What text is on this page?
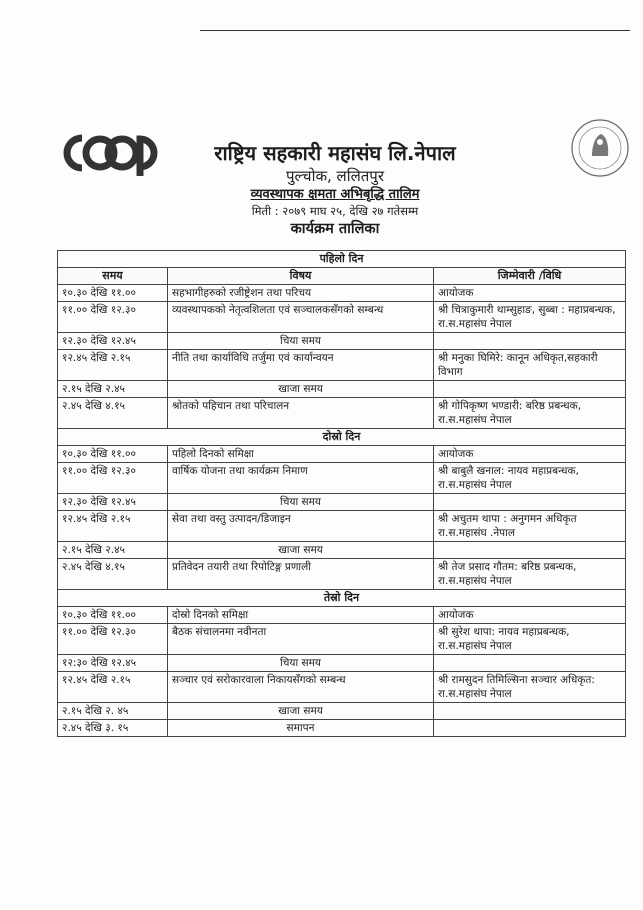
राष्ट्रिय सहकारी महासंघ लि.नेपाल

पुल्चोक, ललितपुर

व्यवस्थापक क्षमता अभिबृद्धि तालिम

मिती : २०७९ माघ २५, देखि २७ गतेसम्म

कार्यक्रम तालिका

पहिलो दिन		
समय	विषय	जिम्मेवारी /विधि
१०.३० देखि ११.००	सहभागीहरुको रजीष्ट्रेशन तथा परिचय	आयोजक
११.०० देखि १२.३०	व्यवस्थापककाे नेतृत्वशिलता एवं सञ्चालकसँगको सम्बन्ध	श्री चित्राकुमारी थाम्सुहाङ, सुब्बा : महाप्रबन्धक, रा.स.महासंघ नेपाल
१२.३० देखि १२.४५	चिया समय	
१२.४५ देखि २.१५	नीति तथा कार्याविधि तर्जुमा एवं कार्यान्वयन	श्री मनुका घिमिरे: कानून अधिकृत,सहकारी विभाग
२.१५ देखि २.४५	खाजा समय	
२.४५ देखि ४.१५	श्रोतको पहिचान तथा परिचालन	श्री गोपिकृष्ण भण्डारी: बरिष्ठ प्रबन्धक, रा.स.महासंघ नेपाल
दोस्रो दिन		
१०.३० देखि ११.००	पहिलो दिनको समिक्षा	आयोजक
११.०० देखि १२.३०	वार्षिक योजना तथा कार्यक्रम निमाण	श्री बाबुलै खनाल: नायव महाप्रबन्धक, रा.स.महासंघ नेपाल
१२.३० देखि १२.४५	चिया समय	
१२.४५ देखि २.१५	सेवा तथा वस्तु उत्पादन/डिजाइन	श्री अचुतम थापा : अनुगमन अधिकृत रा.स.महासंघ .नेपाल
२.१५ देखि २.४५	खाजा समय	
२.४५ देखि ४.१५	प्रतिवेदन तयारी तथा रिपोटिङ्ग प्रणाली	श्री तेज प्रसाद गौतम: बरिष्ठ प्रबन्धक, रा.स.महासंघ नेपाल
तेस्रो दिन		
१०.३० देखि ११.००	दोस्रो दिनको समिक्षा	आयोजक
११.०० देखि १२.३०	बैठक संचालनमा नवीनता	श्री सुरेश थापा: नायव महाप्रबन्धक, रा.स.महासंघ नेपाल
१२:३० देखि १२.४५	चिया समय	
१२.४५ देखि २.१५	सञ्चार एवं सरोकारवाला निकायसँगको सम्बन्ध	श्री रामसुदन तिमिल्सिना सञ्चार अधिकृत: रा.स.महासंघ नेपाल
२.१५ देखि २. ४५	खाजा समय	
२.४५ देखि ३. १५	समापन	
